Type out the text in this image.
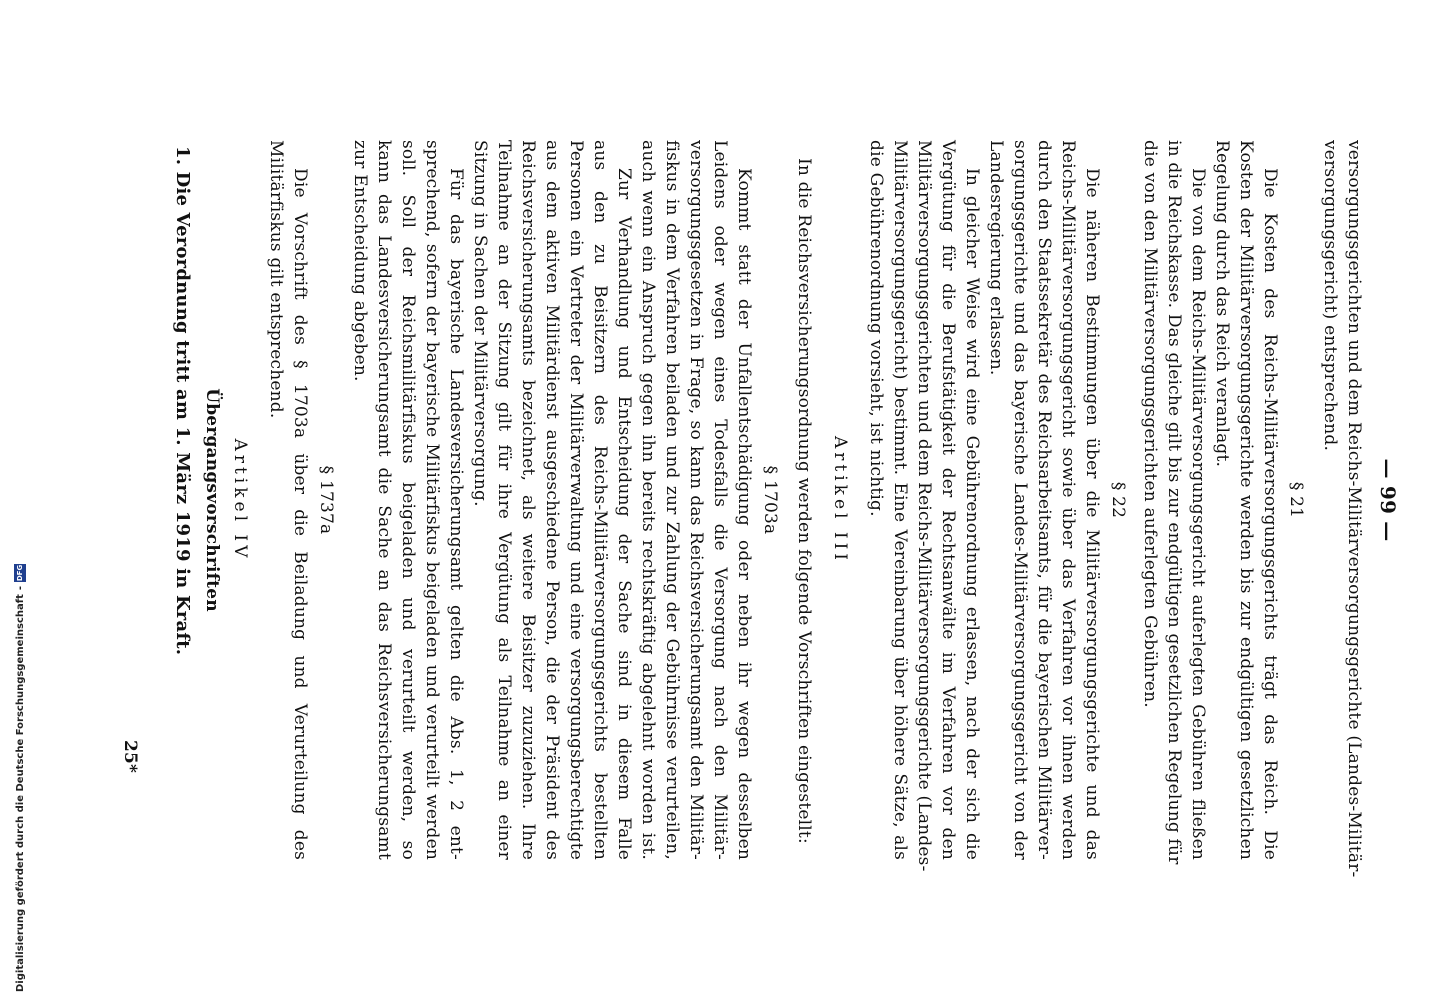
— 99 —
versorgungsgerichten und dem Reichs-Militärversorgungsgerichte (Landes-Militär-
versorgungsgericht) entsprechend.
§ 21
Die Kosten des Reichs-Militärversorgungsgerichts trägt das Reich. Die
Kosten der Militärversorgungsgerichte werden bis zur endgültigen gesetzlichen
Regelung durch das Reich veranlagt.
Die von dem Reichs-Militärversorgungsgericht auferlegten Gebühren fließen
in die Reichskasse. Das gleiche gilt bis zur endgültigen gesetzlichen Regelung für
die von den Militärversorgungsgerichten auferlegten Gebühren.
§ 22
Die näheren Bestimmungen über die Militärversorgungsgerichte und das
Reichs-Militärversorgungsgericht sowie über das Verfahren vor ihnen werden
durch den Staatssekretär des Reichsarbeitsamts, für die bayerischen Militärver-
sorgungsgerichte und das bayerische Landes-Militärversorgungsgericht von der
Landesregierung erlassen.
In gleicher Weise wird eine Gebührenordnung erlassen, nach der sich die
Vergütung für die Berufstätigkeit der Rechtsanwälte im Verfahren vor den
Militärversorgungsgerichten und dem Reichs-Militärversorgungsgerichte (Landes-
Militärversorgungsgericht) bestimmt. Eine Vereinbarung über höhere Sätze, als
die Gebührenordnung vorsieht, ist nichtig.
Artikel III
In die Reichsversicherungsordnung werden folgende Vorschriften eingestellt:
§ 1703a
Kommt statt der Unfallentschädigung oder neben ihr wegen desselben
Leidens oder wegen eines Todesfalls die Versorgung nach den Militär-
versorgungsgesetzen in Frage, so kann das Reichsversicherungsamt den Militär-
fiskus in dem Verfahren beiladen und zur Zahlung der Gebührnisse verurteilen,
auch wenn ein Anspruch gegen ihn bereits rechtskräftig abgelehnt worden ist.
Zur Verhandlung und Entscheidung der Sache sind in diesem Falle
aus den zu Beisitzern des Reichs-Militärversorgungsgerichts bestellten
Personen ein Vertreter der Militärverwaltung und eine versorgungsberechtigte
aus dem aktiven Militärdienst ausgeschiedene Person, die der Präsident des
Reichsversicherungsamts bezeichnet, als weitere Beisitzer zuzuziehen. Ihre
Teilnahme an der Sitzung gilt für ihre Vergütung als Teilnahme an einer
Sitzung in Sachen der Militärversorgung.
Für das bayerische Landesversicherungsamt gelten die Abs. 1, 2 ent-
sprechend, sofern der bayerische Militärfiskus beigeladen und verurteilt werden
soll. Soll der Reichsmilitärfiskus beigeladen und verurteilt werden, so
kann das Landesversicherungsamt die Sache an das Reichsversicherungsamt
zur Entscheidung abgeben.
§ 1737a
Die Vorschrift des § 1703a über die Beiladung und Verurteilung des
Militärfiskus gilt entsprechend.
Artikel IV
Übergangsvorschriften
1. Die Verordnung tritt am 1. März 1919 in Kraft.
25*
Digitalisierung gefördert durch die Deutsche Forschungsgemeinschaft
-
DFG
